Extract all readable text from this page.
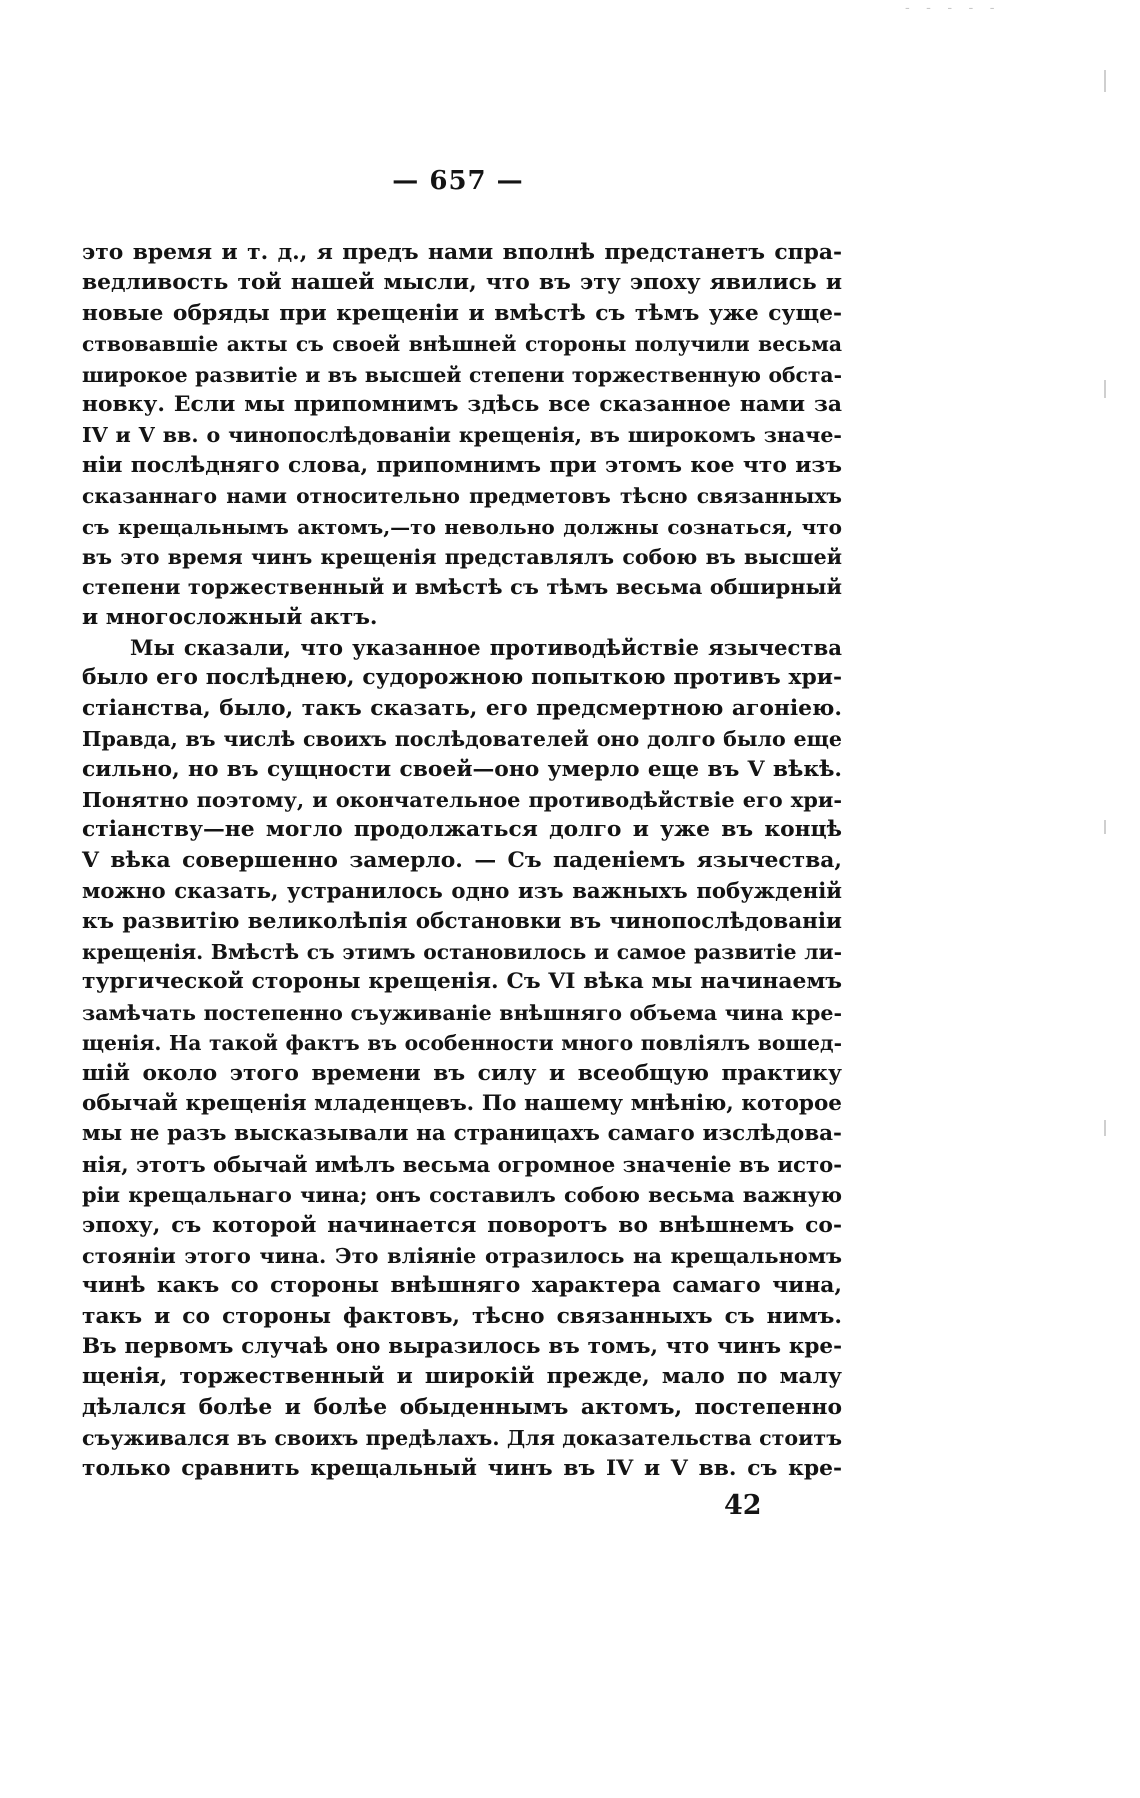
‐ ‐ ‐ ‐ ‐
— 657 —
это время и т. д., я предъ нами вполнѣ предстанетъ спра-
ведливость той нашей мысли, что въ эту эпоху явились и
новые обряды при крещеніи и вмѣстѣ съ тѣмъ уже суще-
ствовавшіе акты съ своей внѣшней стороны получили весьма
широкое развитіе и въ высшей степени торжественную обста-
новку. Если мы припомнимъ здѣсь все сказанное нами за
IV и V вв. о чинопослѣдованіи крещенія, въ широкомъ значе-
ніи послѣдняго слова, припомнимъ при этомъ кое что изъ
сказаннаго нами относительно предметовъ тѣсно связанныхъ
съ крещальнымъ актомъ,—то невольно должны сознаться, что
въ это время чинъ крещенія представлялъ собою въ высшей
степени торжественный и вмѣстѣ съ тѣмъ весьма обширный
и многосложный актъ.
Мы сказали, что указанное противодѣйствіе язычества
было его послѣднею, судорожною попыткою противъ хри-
стіанства, было, такъ сказать, его предсмертною агоніею.
Правда, въ числѣ своихъ послѣдователей оно долго было еще
сильно, но въ сущности своей—оно умерло еще въ V вѣкѣ.
Понятно поэтому, и окончательное противодѣйствіе его хри-
стіанству—не могло продолжаться долго и уже въ концѣ
V вѣка совершенно замерло. — Съ паденіемъ язычества,
можно сказать, устранилось одно изъ важныхъ побужденій
къ развитію великолѣпія обстановки въ чинопослѣдованіи
крещенія. Вмѣстѣ съ этимъ остановилось и самое развитіе ли-
тургической стороны крещенія. Съ VI вѣка мы начинаемъ
замѣчать постепенно съуживаніе внѣшняго объема чина кре-
щенія. На такой фактъ въ особенности много повліялъ вошед-
шій около этого времени въ силу и всеобщую практику
обычай крещенія младенцевъ. По нашему мнѣнію, которое
мы не разъ высказывали на страницахъ самаго изслѣдова-
нія, этотъ обычай имѣлъ весьма огромное значеніе въ исто-
ріи крещальнаго чина; онъ составилъ собою весьма важную
эпоху, съ которой начинается поворотъ во внѣшнемъ со-
стояніи этого чина. Это вліяніе отразилось на крещальномъ
чинѣ какъ со стороны внѣшняго характера самаго чина,
такъ и со стороны фактовъ, тѣсно связанныхъ съ нимъ.
Въ первомъ случаѣ оно выразилось въ томъ, что чинъ кре-
щенія, торжественный и широкій прежде, мало по малу
дѣлался болѣе и болѣе обыденнымъ актомъ, постепенно
съуживался въ своихъ предѣлахъ. Для доказательства стоитъ
только сравнить крещальный чинъ въ IV и V вв. съ кре-
42
